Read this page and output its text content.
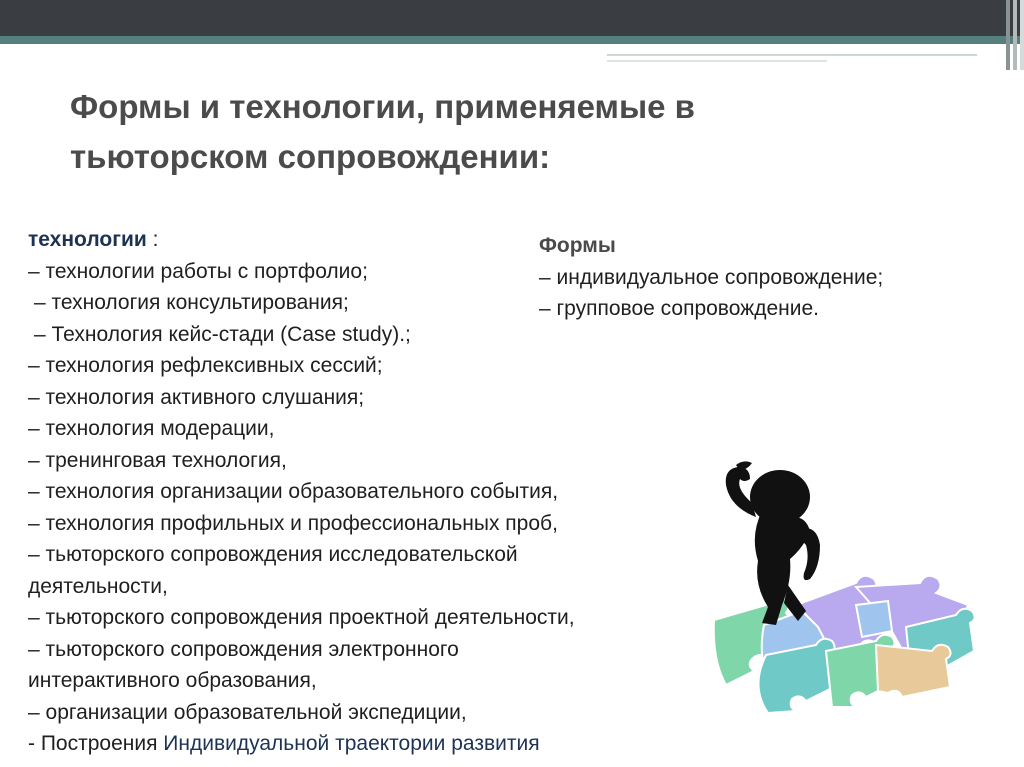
Формы и технологии, применяемые в
тьюторском сопровождении:
технологии :
– технологии работы с портфолио;
– технология консультирования;
– Технология кейс-стади (Case study).;
– технология рефлексивных сессий;
– технология активного слушания;
– технология модерации,
– тренинговая технология,
– технология организации образовательного события,
– технология профильных и профессиональных проб,
– тьюторского сопровождения исследовательской деятельности,
– тьюторского сопровождения проектной деятельности,
– тьюторского сопровождения электронного интерактивного образования,
– организации образовательной экспедиции,
- Построения Индивидуальной траектории развития
Формы
– индивидуальное сопровождение;
– групповое сопровождение.
